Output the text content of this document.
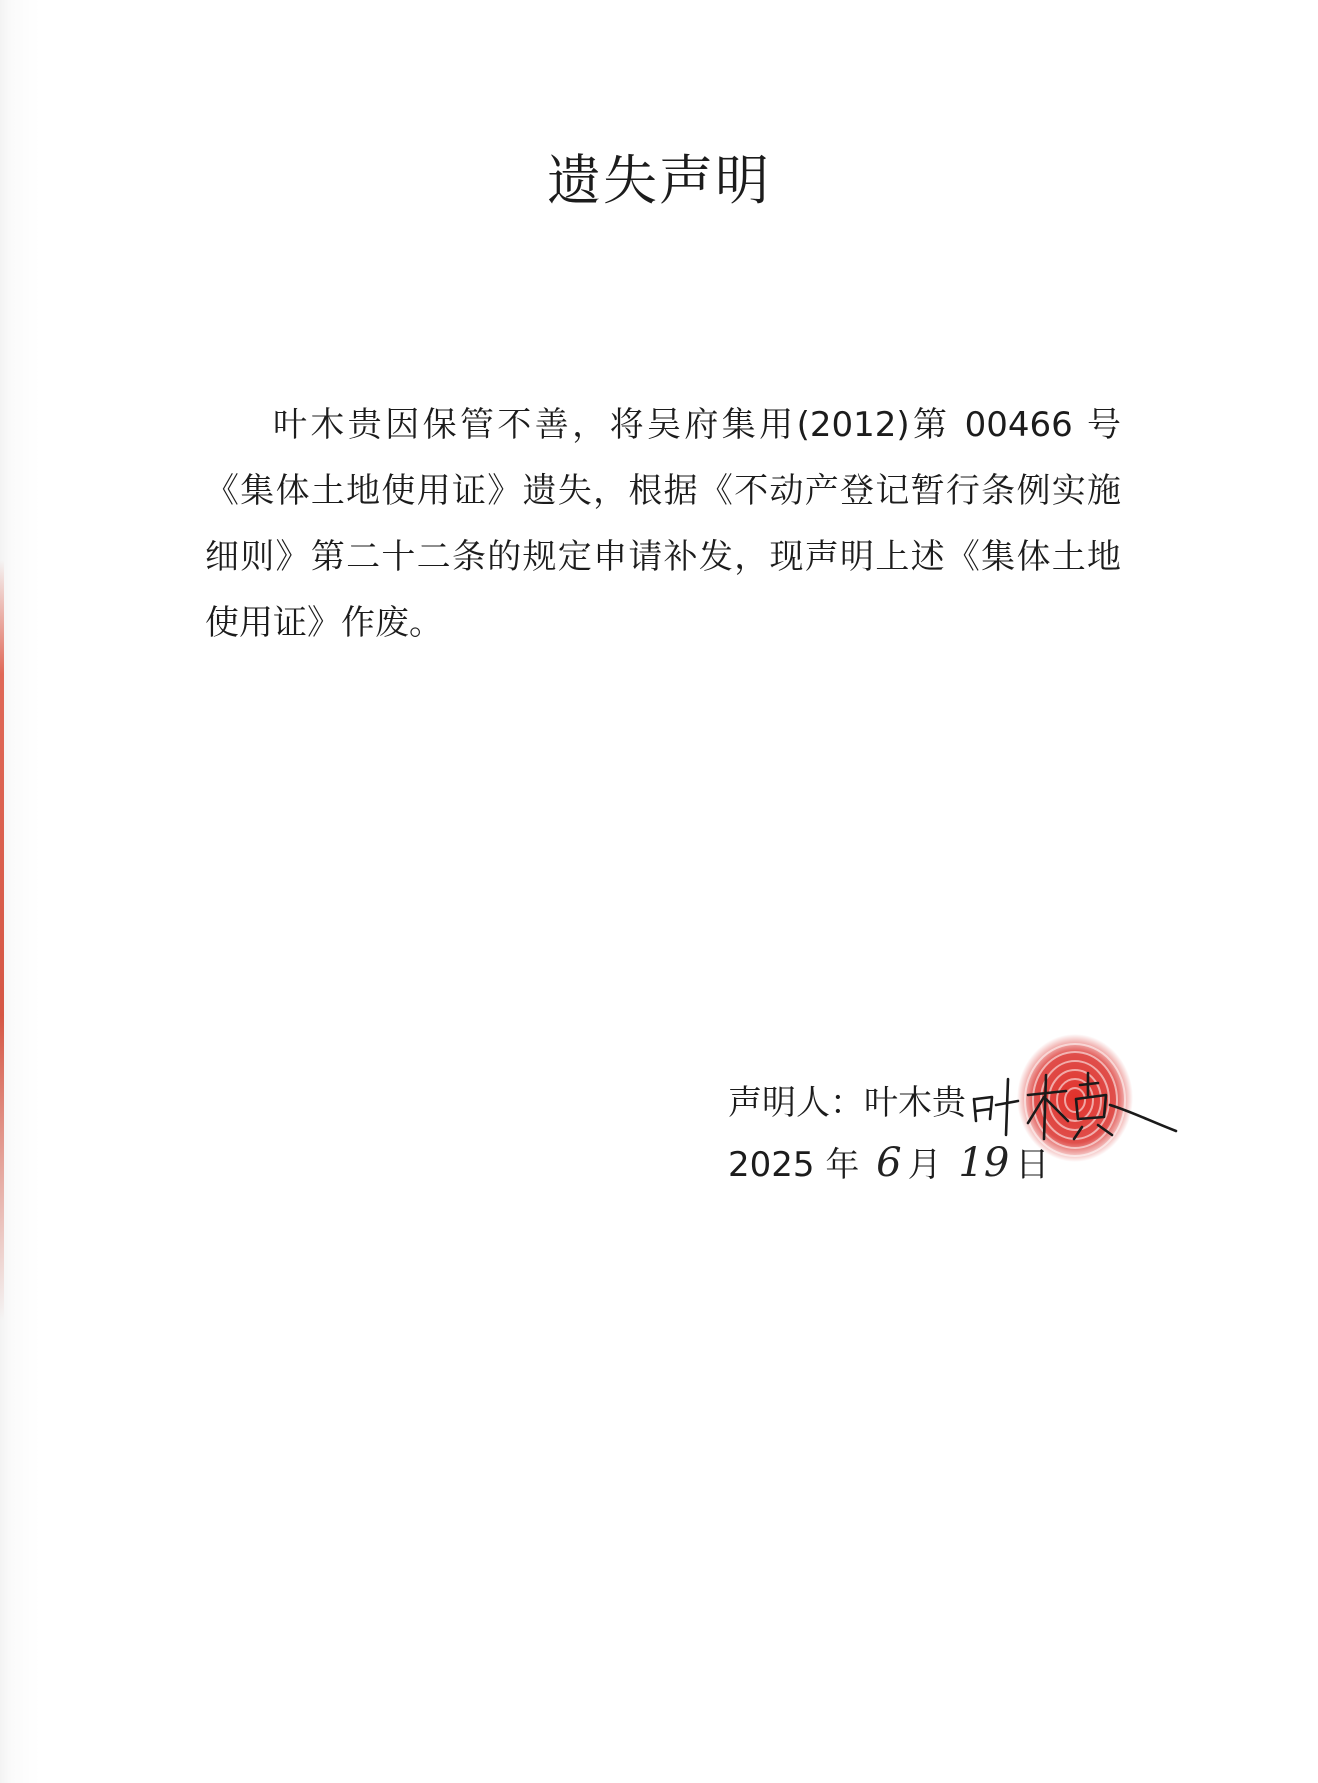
遗失声明
叶木贵因保管不善，将吴府集用(2012)第 00466 号《集体土地使用证》遗失，根据《不动产登记暂行条例实施细则》第二十二条的规定申请补发，现声明上述《集体土地使用证》作废。
声明人：叶木贵
2025 年 6 月 19 日
